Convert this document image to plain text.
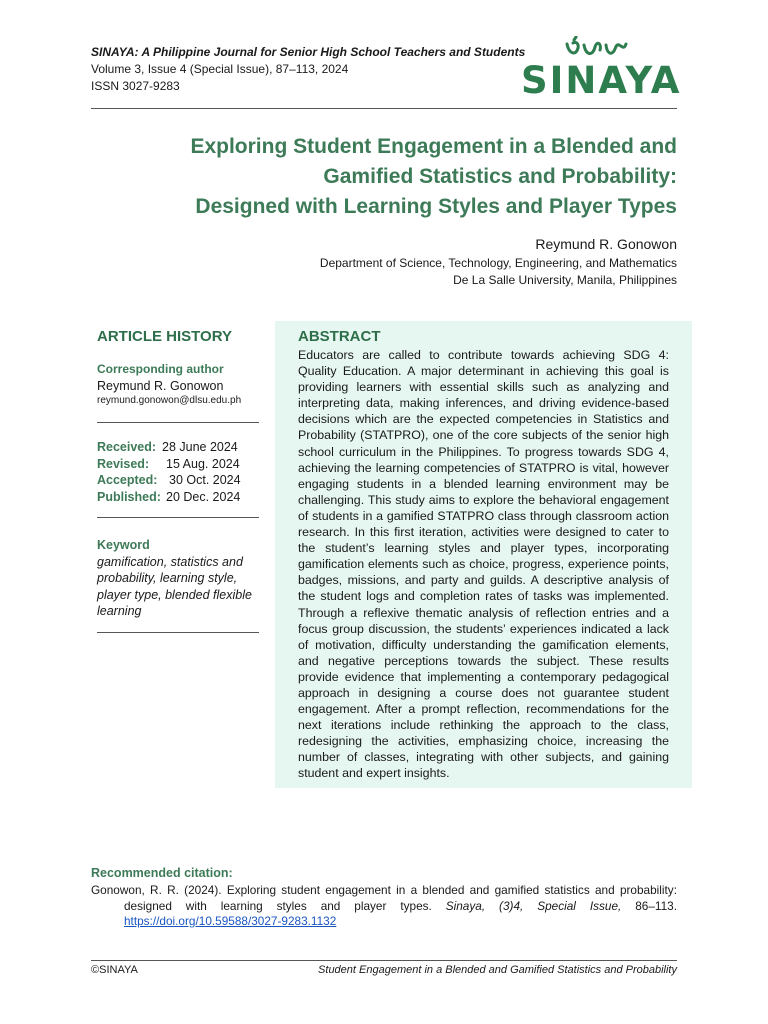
SINAYA: A Philippine Journal for Senior High School Teachers and Students
Volume 3, Issue 4 (Special Issue), 87–113, 2024
ISSN 3027-9283	SINAYA
Exploring Student Engagement in a Blended and
Gamified Statistics and Probability:
Designed with Learning Styles and Player Types
Reymund R. Gonowon
Department of Science, Technology, Engineering, and Mathematics
De La Salle University, Manila, Philippines
ARTICLE HISTORY
Corresponding author
Reymund R. Gonowon
reymund.gonowon@dlsu.edu.ph
Received: 28 June 2024
Revised: 15 Aug. 2024
Accepted: 30 Oct. 2024
Published: 20 Dec. 2024
Keyword
gamification, statistics and probability, learning style, player type, blended flexible learning
ABSTRACT
Educators are called to contribute towards achieving SDG 4: Quality Education. A major determinant in achieving this goal is providing learners with essential skills such as analyzing and interpreting data, making inferences, and driving evidence-based decisions which are the expected competencies in Statistics and Probability (STATPRO), one of the core subjects of the senior high school curriculum in the Philippines. To progress towards SDG 4, achieving the learning competencies of STATPRO is vital, however engaging students in a blended learning environment may be challenging. This study aims to explore the behavioral engagement of students in a gamified STATPRO class through classroom action research. In this first iteration, activities were designed to cater to the student’s learning styles and player types, incorporating gamification elements such as choice, progress, experience points, badges, missions, and party and guilds. A descriptive analysis of the student logs and completion rates of tasks was implemented. Through a reflexive thematic analysis of reflection entries and a focus group discussion, the students’ experiences indicated a lack of motivation, difficulty understanding the gamification elements, and negative perceptions towards the subject. These results provide evidence that implementing a contemporary pedagogical approach in designing a course does not guarantee student engagement. After a prompt reflection, recommendations for the next iterations include rethinking the approach to the class, redesigning the activities, emphasizing choice, increasing the number of classes, integrating with other subjects, and gaining student and expert insights.
Recommended citation:
Gonowon, R. R. (2024). Exploring student engagement in a blended and gamified statistics and probability: designed with learning styles and player types. Sinaya, (3)4, Special Issue, 86–113. https://doi.org/10.59588/3027-9283.1132
©SINAYA	Student Engagement in a Blended and Gamified Statistics and Probability
